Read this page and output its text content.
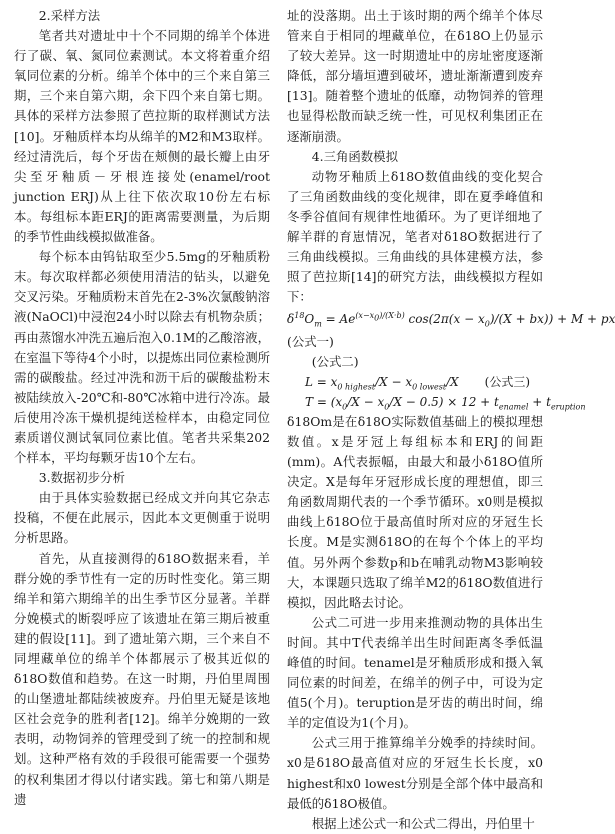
2.采样方法

笔者共对遗址中十个不同期的绵羊个体进行了碳、氧、氮同位素测试。本文将着重介绍氧同位素的分析。绵羊个体中的三个来自第三期，三个来自第六期，余下四个来自第七期。具体的采样方法参照了芭拉斯的取样测试方法[10]。牙釉质样本均从绵羊的M2和M3取样。经过清洗后，每个牙齿在颊侧的最长瓣上由牙尖至牙釉质－牙根连接处(enamel/root junction ERJ)从上往下依次取10份左右标本。每组标本距ERJ的距离需要测量，为后期的季节性曲线模拟做准备。

每个标本由钨钻取至少5.5mg的牙釉质粉末。每次取样都必须使用清洁的钻头，以避免交叉污染。牙釉质粉末首先在2-3%次氯酸钠溶液(NaOCl)中浸泡24小时以除去有机物杂质；再由蒸馏水冲洗五遍后泡入0.1M的乙酸溶液，在室温下等待4个小时，以提炼出同位素检测所需的碳酸盐。经过冲洗和沥干后的碳酸盐粉末被陆续放入-20℃和-80℃冰箱中进行冷冻。最后使用冷冻干燥机提纯送检样本，由稳定同位素质谱仪测试氧同位素比值。笔者共采集202个样本，平均每颗牙齿10个左右。

3.数据初步分析

由于具体实验数据已经成文并向其它杂志投稿，不便在此展示，因此本文更侧重于说明分析思路。

首先，从直接测得的δ18O数据来看，羊群分娩的季节性有一定的历时性变化。第三期绵羊和第六期绵羊的出生季节区分显著。羊群分娩模式的断裂呼应了该遗址在第三期后被重建的假设[11]。到了遗址第六期，三个来自不同埋藏单位的绵羊个体都展示了极其近似的δ18O数值和趋势。在这一时期，丹伯里周围的山堡遗址都陆续被废弃。丹伯里无疑是该地区社会竞争的胜利者[12]。绵羊分娩期的一致表明，动物饲养的管理受到了统一的控制和规划。这种严格有效的手段很可能需要一个强势的权利集团才得以付诸实践。第七和第八期是遗

址的没落期。出土于该时期的两个绵羊个体尽管来自于相同的埋藏单位，在δ18O上仍显示了较大差异。这一时期遗址中的房址密度逐渐降低，部分墙垣遭到破坏，遗址渐渐遭到废弃[13]。随着整个遗址的低靡，动物饲养的管理也显得松散而缺乏统一性，可见权利集团正在逐渐崩溃。

4.三角函数模拟

动物牙釉质上δ18O数值曲线的变化契合了三角函数曲线的变化规律，即在夏季峰值和冬季谷值间有规律性地循环。为了更详细地了解羊群的育崽情况，笔者对δ18O数据进行了三角曲线模拟。三角曲线的具体建模方法，参照了芭拉斯[14]的研究方法，曲线模拟方程如下：

$\delta^{18}O_m = Ae^{(x-x_0)/(X\cdot b)}$ $\cos(2\pi(x - x_0)/(X + bx)) + M$ + px

(公式一)

(公式二)

$L = x_{0 highest}/X - x_{0 lowest}/X$ (公式三)
$T = (x_0/X - x_0/X - 0.5) \times 12 + t_{enamel} + t_{eruption}$

δ18Om是在δ18O实际数值基础上的模拟理想数值。x是牙冠上每组标本和ERJ的间距(mm)。A代表振幅，由最大和最小δ18O值所决定。X是每年牙冠形成长度的理想值，即三角函数周期代表的一个季节循环。x0则是模拟曲线上δ18O位于最高值时所对应的牙冠生长长度。M是实测δ18O的在每个个体上的平均值。另外两个参数p和b在哺乳动物M3影响较大，本课题只选取了绵羊M2的δ18O数值进行模拟，因此略去讨论。

公式二可进一步用来推测动物的具体出生时间。其中T代表绵羊出生时间距离冬季低温峰值的时间。tenamel是牙釉质形成和摄入氧同位素的时间差，在绵羊的例子中，可设为定值5(个月)。teruption是牙齿的萌出时间，绵羊的定值设为1(个月)。

公式三用于推算绵羊分娩季的持续时间。x0是δ18O最高值对应的牙冠生长长度，x0 highest和x0 lowest分别是全部个体中最高和最低的δ18O极值。

根据上述公式一和公式二得出，丹伯里十
